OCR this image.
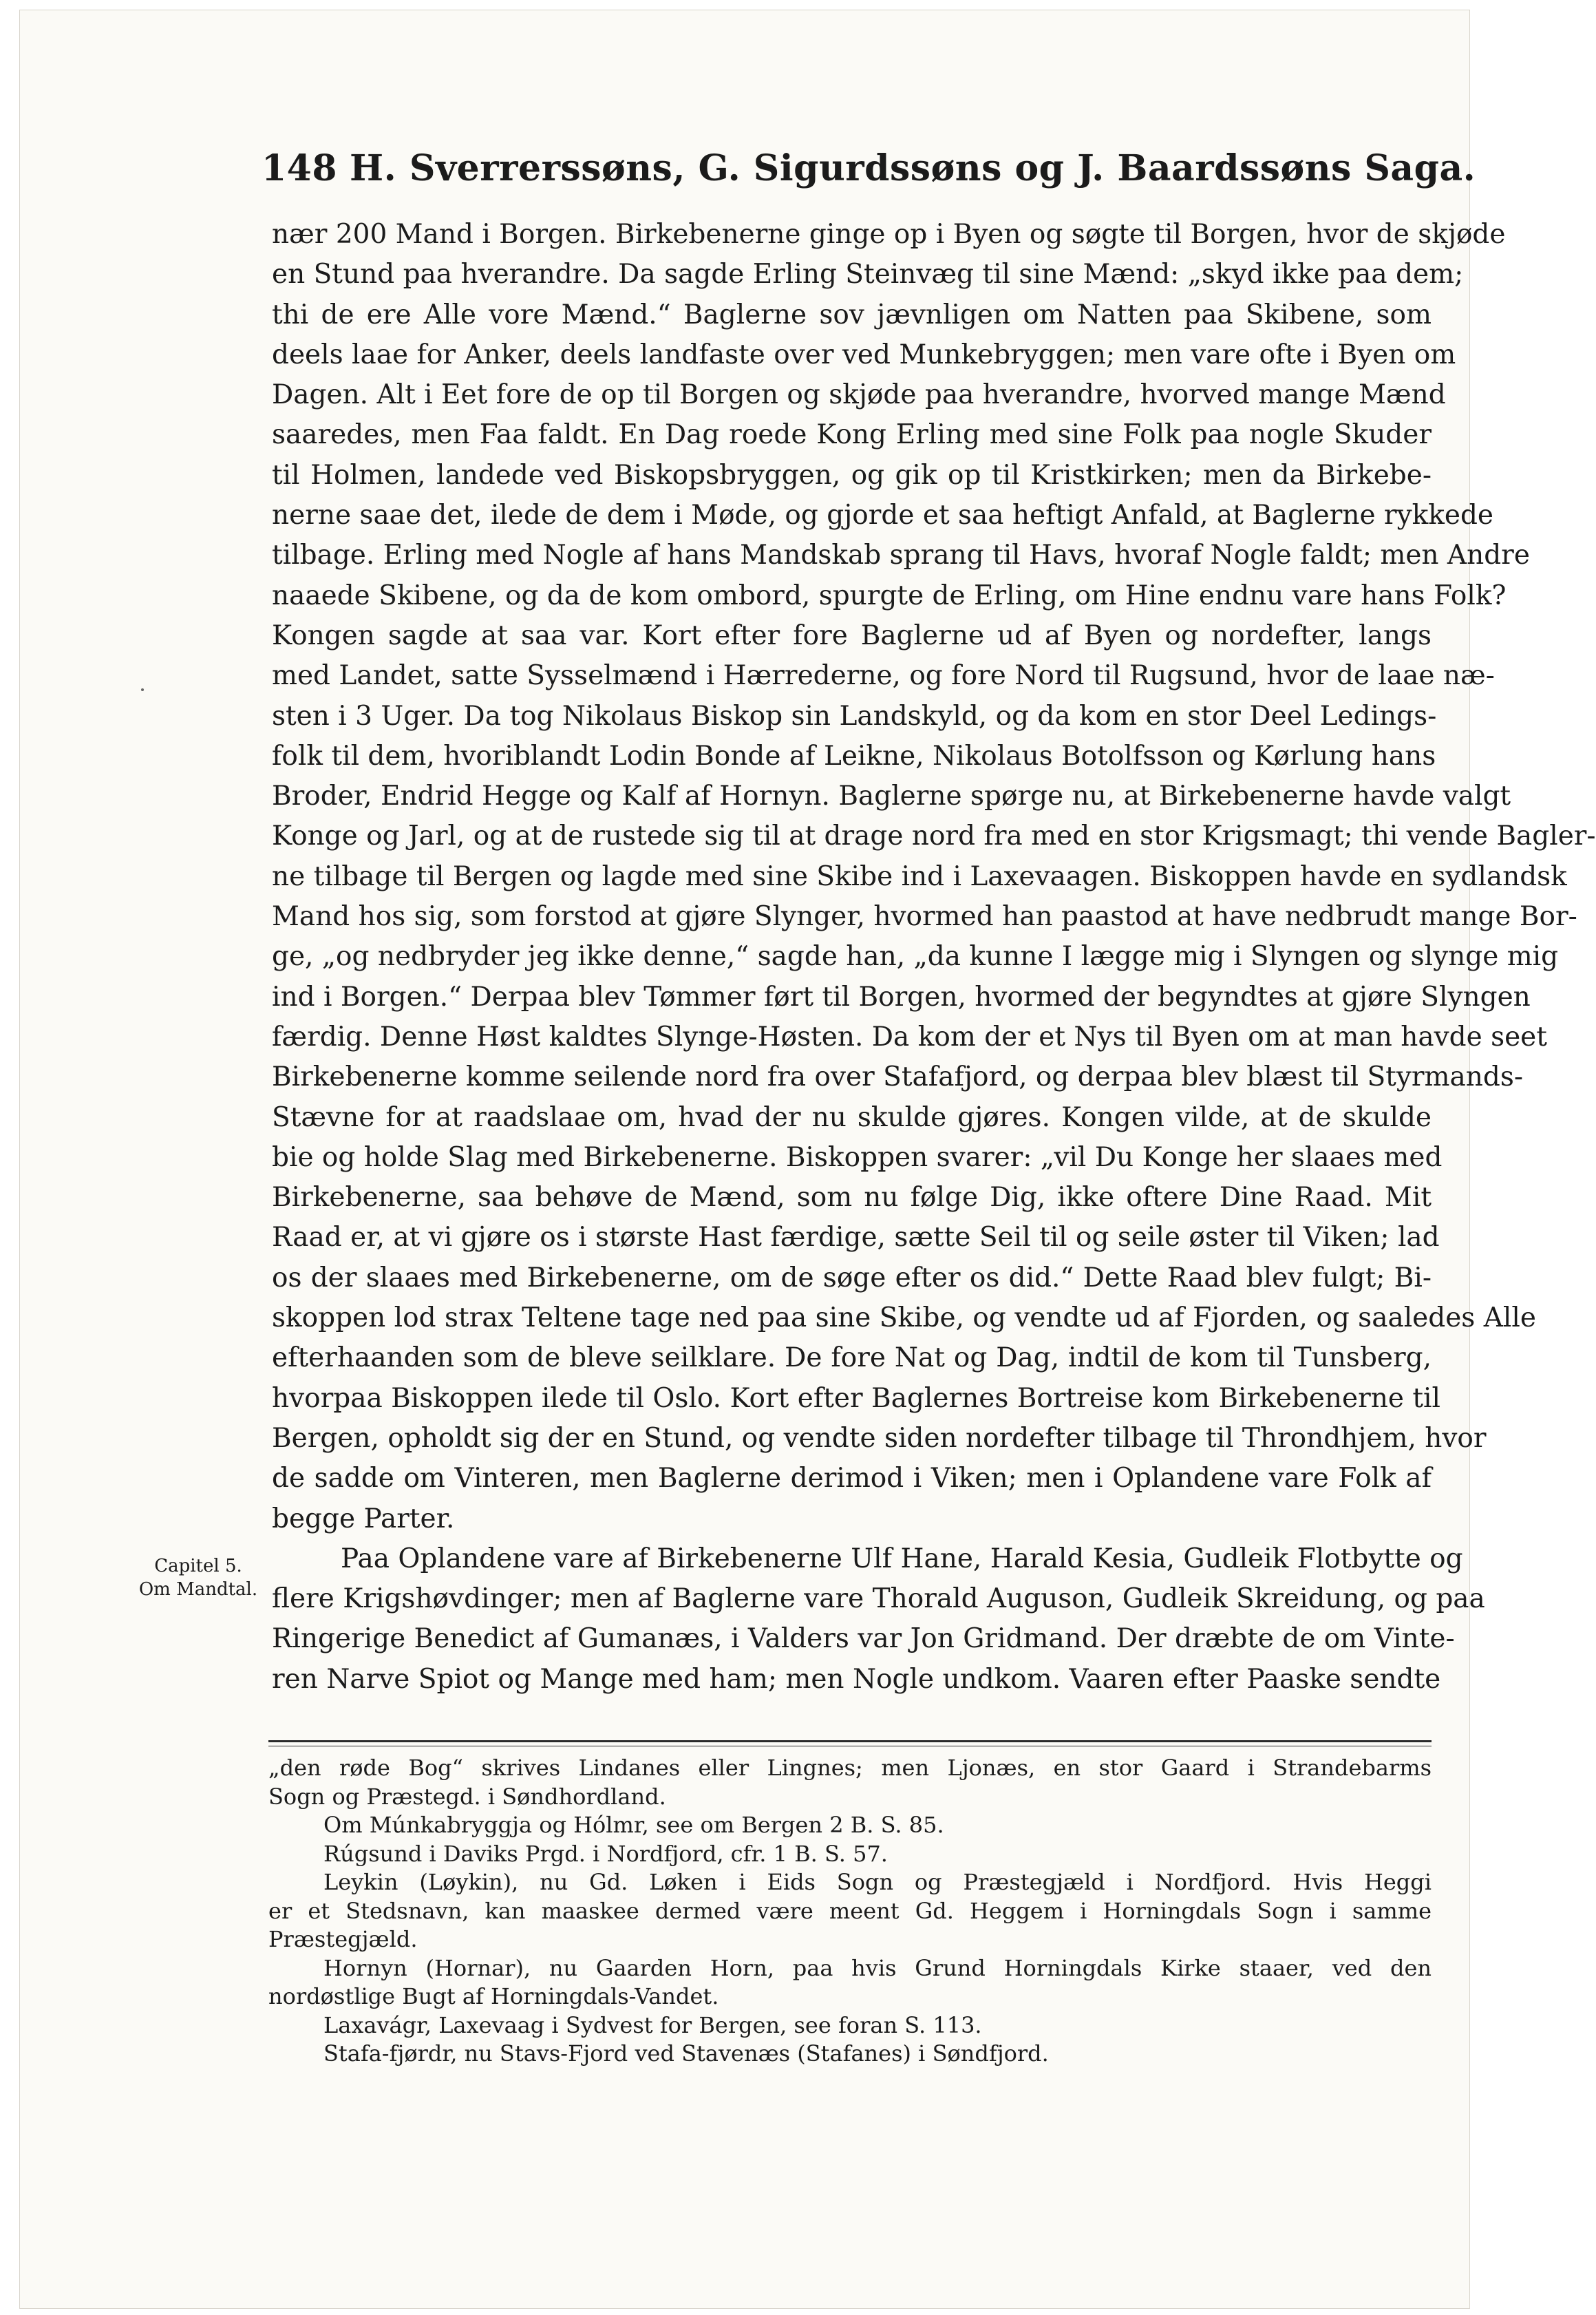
148 H. Sverrerssøns, G. Sigurdssøns og J. Baardssøns Saga.
nær 200 Mand i Borgen. Birkebenerne ginge op i Byen og søgte til Borgen, hvor de skjøde
en Stund paa hverandre. Da sagde Erling Steinvæg til sine Mænd: „skyd ikke paa dem;
thi de ere Alle vore Mænd.“ Baglerne sov jævnligen om Natten paa Skibene, som
deels laae for Anker, deels landfaste over ved Munkebryggen; men vare ofte i Byen om
Dagen. Alt i Eet fore de op til Borgen og skjøde paa hverandre, hvorved mange Mænd
saaredes, men Faa faldt. En Dag roede Kong Erling med sine Folk paa nogle Skuder
til Holmen, landede ved Biskopsbryggen, og gik op til Kristkirken; men da Birkebe-
nerne saae det, ilede de dem i Møde, og gjorde et saa heftigt Anfald, at Baglerne rykkede
tilbage. Erling med Nogle af hans Mandskab sprang til Havs, hvoraf Nogle faldt; men Andre
naaede Skibene, og da de kom ombord, spurgte de Erling, om Hine endnu vare hans Folk?
Kongen sagde at saa var. Kort efter fore Baglerne ud af Byen og nordefter, langs
med Landet, satte Sysselmænd i Hærrederne, og fore Nord til Rugsund, hvor de laae næ-
sten i 3 Uger. Da tog Nikolaus Biskop sin Landskyld, og da kom en stor Deel Ledings-
folk til dem, hvoriblandt Lodin Bonde af Leikne, Nikolaus Botolfsson og Kørlung hans
Broder, Endrid Hegge og Kalf af Hornyn. Baglerne spørge nu, at Birkebenerne havde valgt
Konge og Jarl, og at de rustede sig til at drage nord fra med en stor Krigsmagt; thi vende Bagler-
ne tilbage til Bergen og lagde med sine Skibe ind i Laxevaagen. Biskoppen havde en sydlandsk
Mand hos sig, som forstod at gjøre Slynger, hvormed han paastod at have nedbrudt mange Bor-
ge, „og nedbryder jeg ikke denne,“ sagde han, „da kunne I lægge mig i Slyngen og slynge mig
ind i Borgen.“ Derpaa blev Tømmer ført til Borgen, hvormed der begyndtes at gjøre Slyngen
færdig. Denne Høst kaldtes Slynge-Høsten. Da kom der et Nys til Byen om at man havde seet
Birkebenerne komme seilende nord fra over Stafafjord, og derpaa blev blæst til Styrmands-
Stævne for at raadslaae om, hvad der nu skulde gjøres. Kongen vilde, at de skulde
bie og holde Slag med Birkebenerne. Biskoppen svarer: „vil Du Konge her slaaes med
Birkebenerne, saa behøve de Mænd, som nu følge Dig, ikke oftere Dine Raad. Mit
Raad er, at vi gjøre os i største Hast færdige, sætte Seil til og seile øster til Viken; lad
os der slaaes med Birkebenerne, om de søge efter os did.“ Dette Raad blev fulgt; Bi-
skoppen lod strax Teltene tage ned paa sine Skibe, og vendte ud af Fjorden, og saaledes Alle
efterhaanden som de bleve seilklare. De fore Nat og Dag, indtil de kom til Tunsberg,
hvorpaa Biskoppen ilede til Oslo. Kort efter Baglernes Bortreise kom Birkebenerne til
Bergen, opholdt sig der en Stund, og vendte siden nordefter tilbage til Throndhjem, hvor
de sadde om Vinteren, men Baglerne derimod i Viken; men i Oplandene vare Folk af
begge Parter.
Paa Oplandene vare af Birkebenerne Ulf Hane, Harald Kesia, Gudleik Flotbytte og
flere Krigshøvdinger; men af Baglerne vare Thorald Auguson, Gudleik Skreidung, og paa
Ringerige Benedict af Gumanæs, i Valders var Jon Gridmand. Der dræbte de om Vinte-
ren Narve Spiot og Mange med ham; men Nogle undkom. Vaaren efter Paaske sendte
Capitel 5.
Om Mandtal.
„den røde Bog“ skrives Lindanes eller Lingnes; men Ljonæs, en stor Gaard i Strandebarms
Sogn og Præstegd. i Søndhordland.
Om Múnkabryggja og Hólmr, see om Bergen 2 B. S. 85.
Rúgsund i Daviks Prgd. i Nordfjord, cfr. 1 B. S. 57.
Leykin (Løykin), nu Gd. Løken i Eids Sogn og Præstegjæld i Nordfjord. Hvis Heggi
er et Stedsnavn, kan maaskee dermed være meent Gd. Heggem i Horningdals Sogn i samme
Præstegjæld.
Hornyn (Hornar), nu Gaarden Horn, paa hvis Grund Horningdals Kirke staaer, ved den
nordøstlige Bugt af Horningdals-Vandet.
Laxavágr, Laxevaag i Sydvest for Bergen, see foran S. 113.
Stafa-fjørdr, nu Stavs-Fjord ved Stavenæs (Stafanes) i Søndfjord.
